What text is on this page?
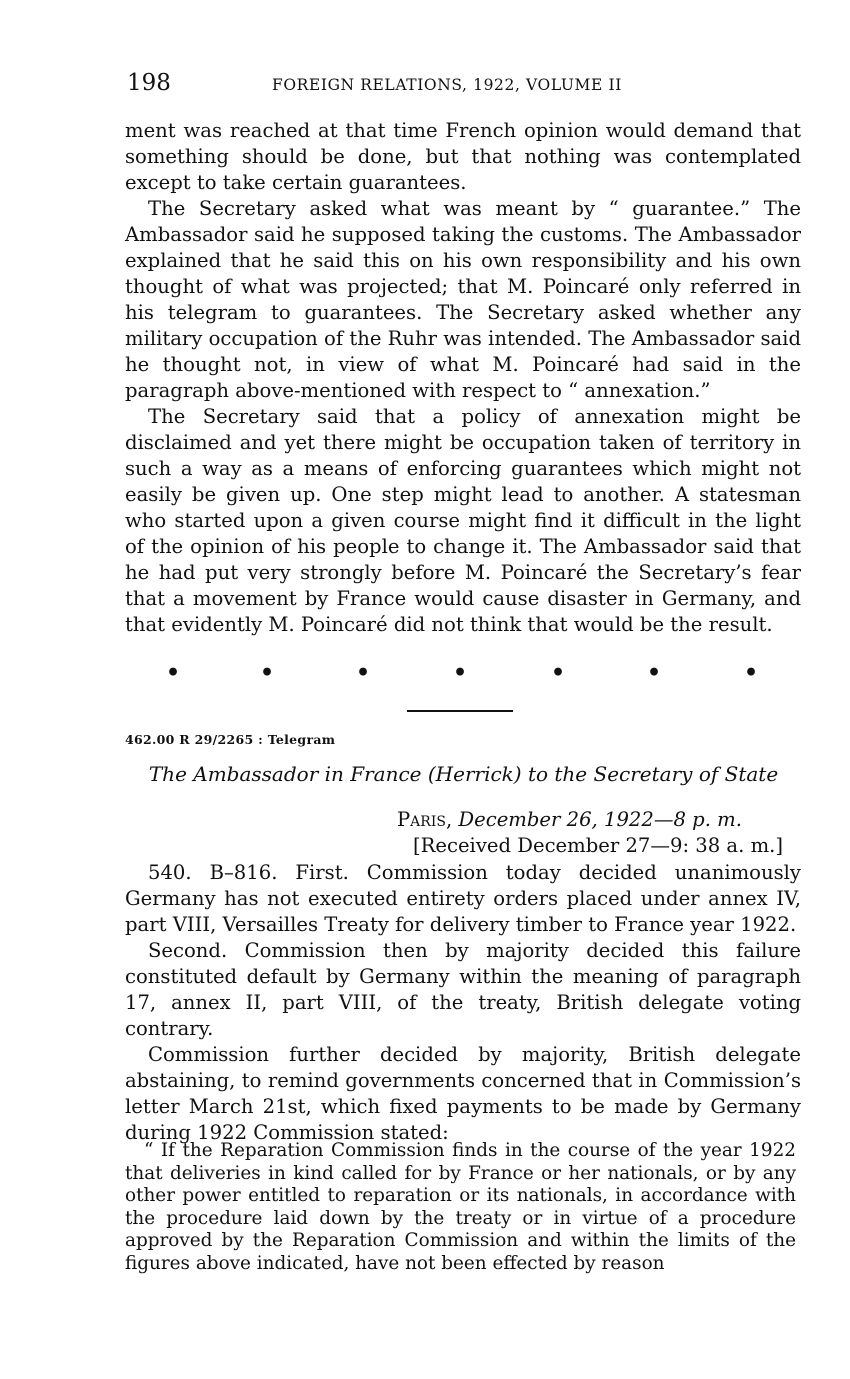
198	FOREIGN RELATIONS, 1922, VOLUME II

ment was reached at that time French opinion would demand that something should be done, but that nothing was contemplated except to take certain guarantees.

The Secretary asked what was meant by “ guarantee.” The Ambassador said he supposed taking the customs. The Ambassador explained that he said this on his own responsibility and his own thought of what was projected; that M. Poincaré only referred in his telegram to guarantees. The Secretary asked whether any military occupation of the Ruhr was intended. The Ambassador said he thought not, in view of what M. Poincaré had said in the paragraph above-mentioned with respect to “ annexation.”

The Secretary said that a policy of annexation might be disclaimed and yet there might be occupation taken of territory in such a way as a means of enforcing guarantees which might not easily be given up. One step might lead to another. A statesman who started upon a given course might find it difficult in the light of the opinion of his people to change it. The Ambassador said that he had put very strongly before M. Poincaré the Secretary’s fear that a movement by France would cause disaster in Germany, and that evidently M. Poincaré did not think that would be the result.

•	•	•	•	•	•	•
462.00 R 29/2265 : Telegram
The Ambassador in France (Herrick) to the Secretary of State
Paris, December 26, 1922—8 p. m.
[Received December 27—9: 38 a. m.]

540. B–816. First. Commission today decided unanimously Germany has not executed entirety orders placed under annex IV, part VIII, Versailles Treaty for delivery timber to France year 1922.

Second. Commission then by majority decided this failure constituted default by Germany within the meaning of paragraph 17, annex II, part VIII, of the treaty, British delegate voting contrary.

Commission further decided by majority, British delegate abstaining, to remind governments concerned that in Commission’s letter March 21st, which fixed payments to be made by Germany during 1922 Commission stated:

“ If the Reparation Commission finds in the course of the year 1922 that deliveries in kind called for by France or her nationals, or by any other power entitled to reparation or its nationals, in accordance with the procedure laid down by the treaty or in virtue of a procedure approved by the Reparation Commission and within the limits of the figures above indicated, have not been effected by reason
